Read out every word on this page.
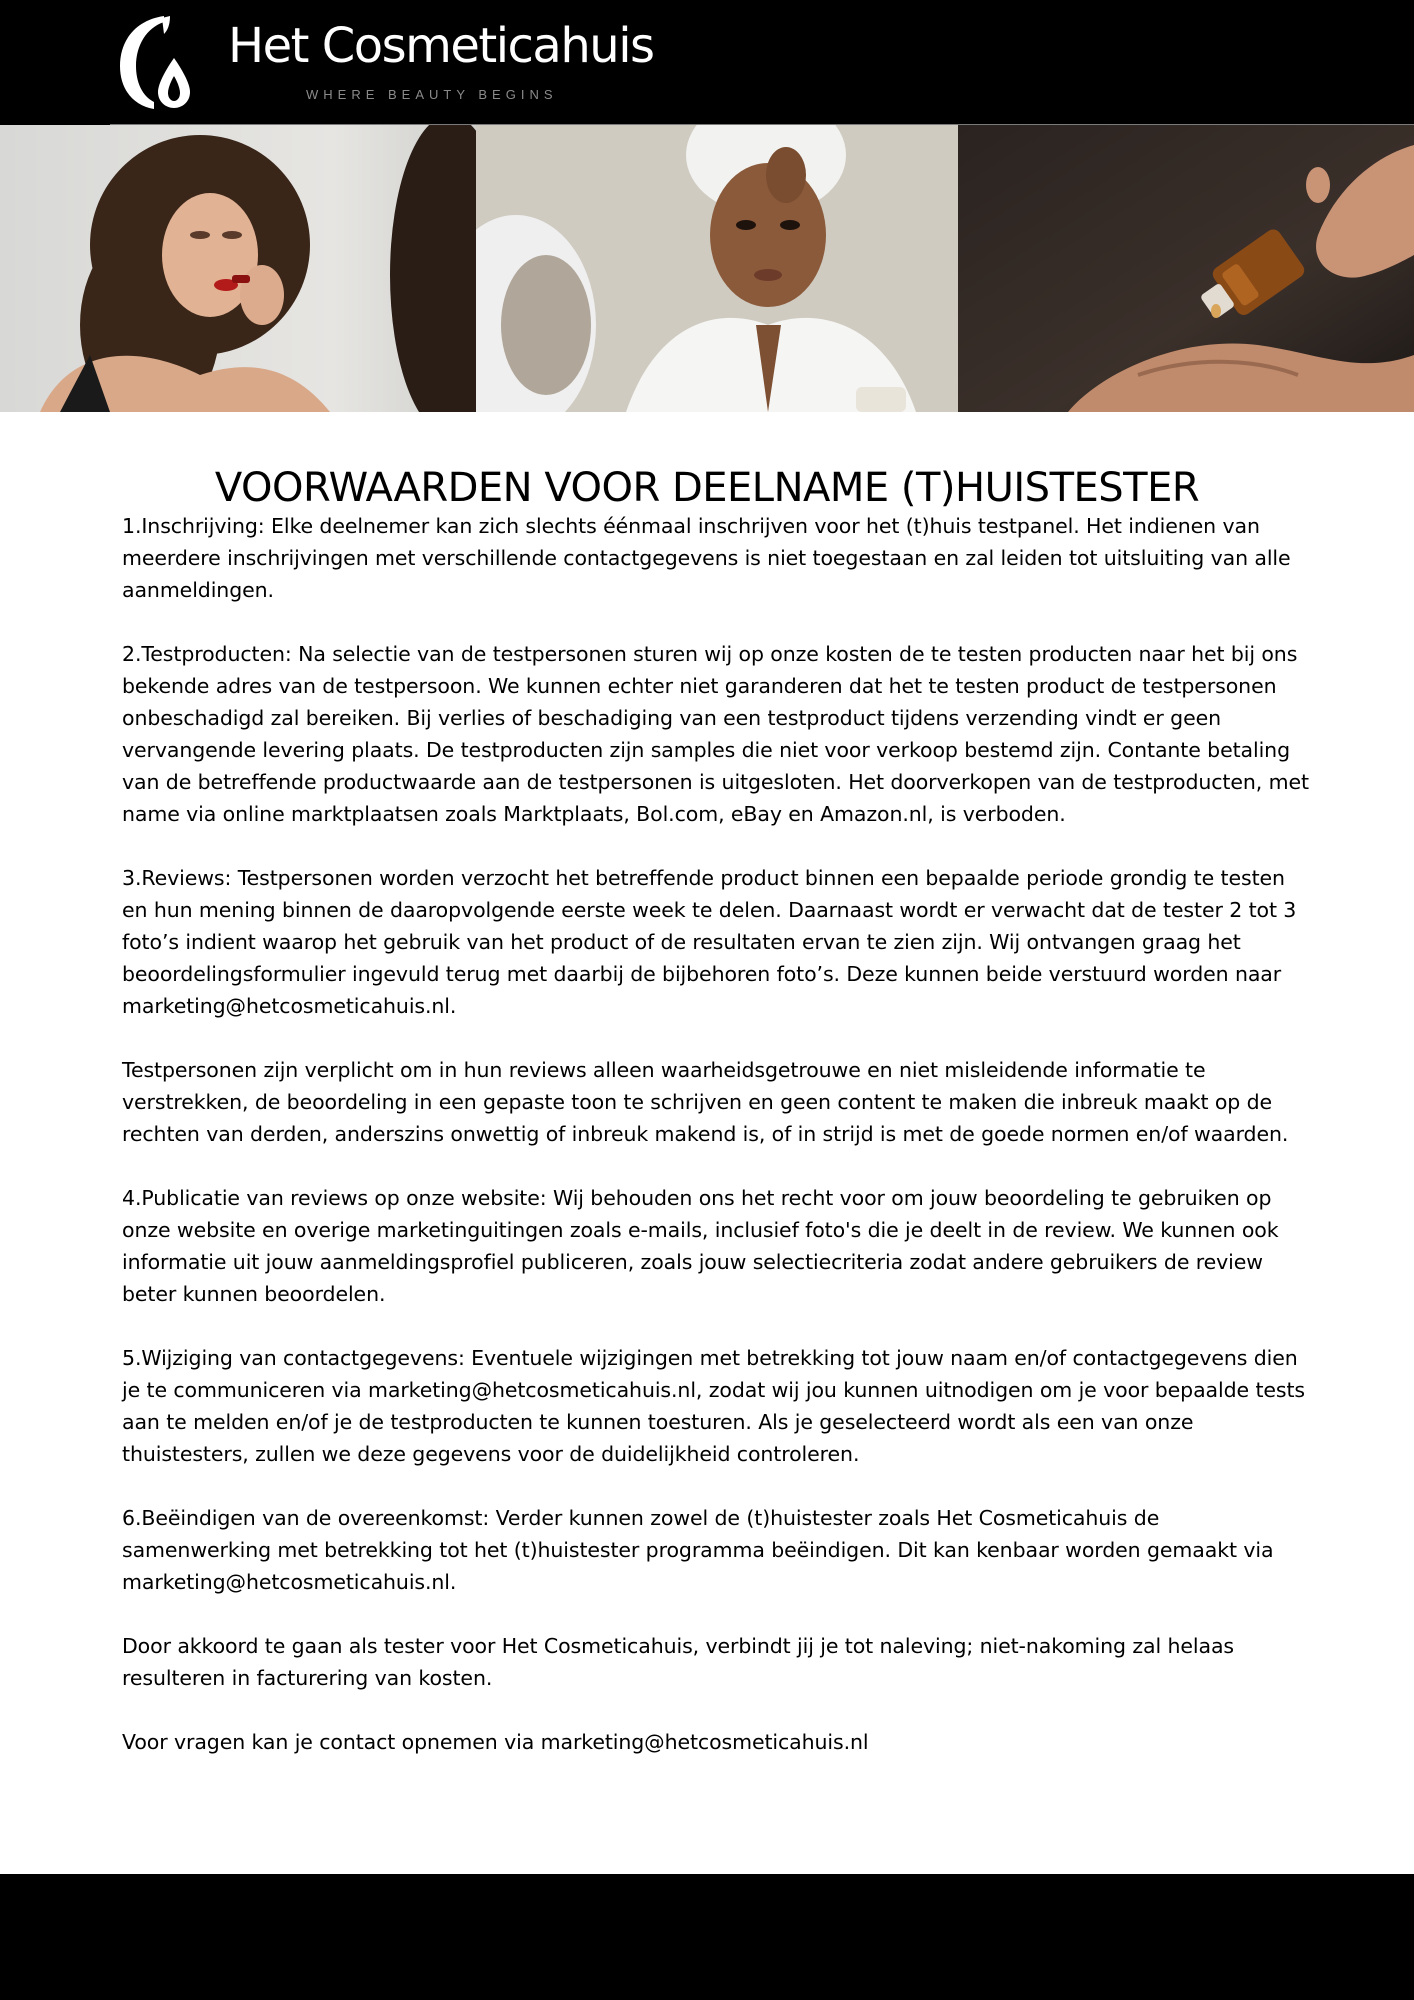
Het Cosmeticahuis
WHERE BEAUTY BEGINS
VOORWAARDEN VOOR DEELNAME (T)HUISTESTER

1.Inschrijving: Elke deelnemer kan zich slechts éénmaal inschrijven voor het (t)huis testpanel. Het indienen van meerdere inschrijvingen met verschillende contactgegevens is niet toegestaan en zal leiden tot uitsluiting van alle aanmeldingen.

2.Testproducten: Na selectie van de testpersonen sturen wij op onze kosten de te testen producten naar het bij ons bekende adres van de testpersoon. We kunnen echter niet garanderen dat het te testen product de testpersonen onbeschadigd zal bereiken. Bij verlies of beschadiging van een testproduct tijdens verzending vindt er geen vervangende levering plaats. De testproducten zijn samples die niet voor verkoop bestemd zijn. Contante betaling van de betreffende productwaarde aan de testpersonen is uitgesloten. Het doorverkopen van de testproducten, met name via online marktplaatsen zoals Marktplaats, Bol.com, eBay en Amazon.nl, is verboden.

3.Reviews: Testpersonen worden verzocht het betreffende product binnen een bepaalde periode grondig te testen en hun mening binnen de daaropvolgende eerste week te delen. Daarnaast wordt er verwacht dat de tester 2 tot 3 foto’s indient waarop het gebruik van het product of de resultaten ervan te zien zijn. Wij ontvangen graag het beoordelingsformulier ingevuld terug met daarbij de bijbehoren foto’s. Deze kunnen beide verstuurd worden naar marketing@hetcosmeticahuis.nl.

Testpersonen zijn verplicht om in hun reviews alleen waarheidsgetrouwe en niet misleidende informatie te verstrekken, de beoordeling in een gepaste toon te schrijven en geen content te maken die inbreuk maakt op de rechten van derden, anderszins onwettig of inbreuk makend is, of in strijd is met de goede normen en/of waarden.

4.Publicatie van reviews op onze website: Wij behouden ons het recht voor om jouw beoordeling te gebruiken op onze website en overige marketinguitingen zoals e-mails, inclusief foto's die je deelt in de review. We kunnen ook informatie uit jouw aanmeldingsprofiel publiceren, zoals jouw selectiecriteria zodat andere gebruikers de review beter kunnen beoordelen.

5.Wijziging van contactgegevens: Eventuele wijzigingen met betrekking tot jouw naam en/of contactgegevens dien je te communiceren via marketing@hetcosmeticahuis.nl, zodat wij jou kunnen uitnodigen om je voor bepaalde tests aan te melden en/of je de testproducten te kunnen toesturen. Als je geselecteerd wordt als een van onze thuistesters, zullen we deze gegevens voor de duidelijkheid controleren.

6.Beëindigen van de overeenkomst: Verder kunnen zowel de (t)huistester zoals Het Cosmeticahuis de samenwerking met betrekking tot het (t)huistester programma beëindigen. Dit kan kenbaar worden gemaakt via marketing@hetcosmeticahuis.nl.

Door akkoord te gaan als tester voor Het Cosmeticahuis, verbindt jij je tot naleving; niet-nakoming zal helaas resulteren in facturering van kosten.

Voor vragen kan je contact opnemen via marketing@hetcosmeticahuis.nl
